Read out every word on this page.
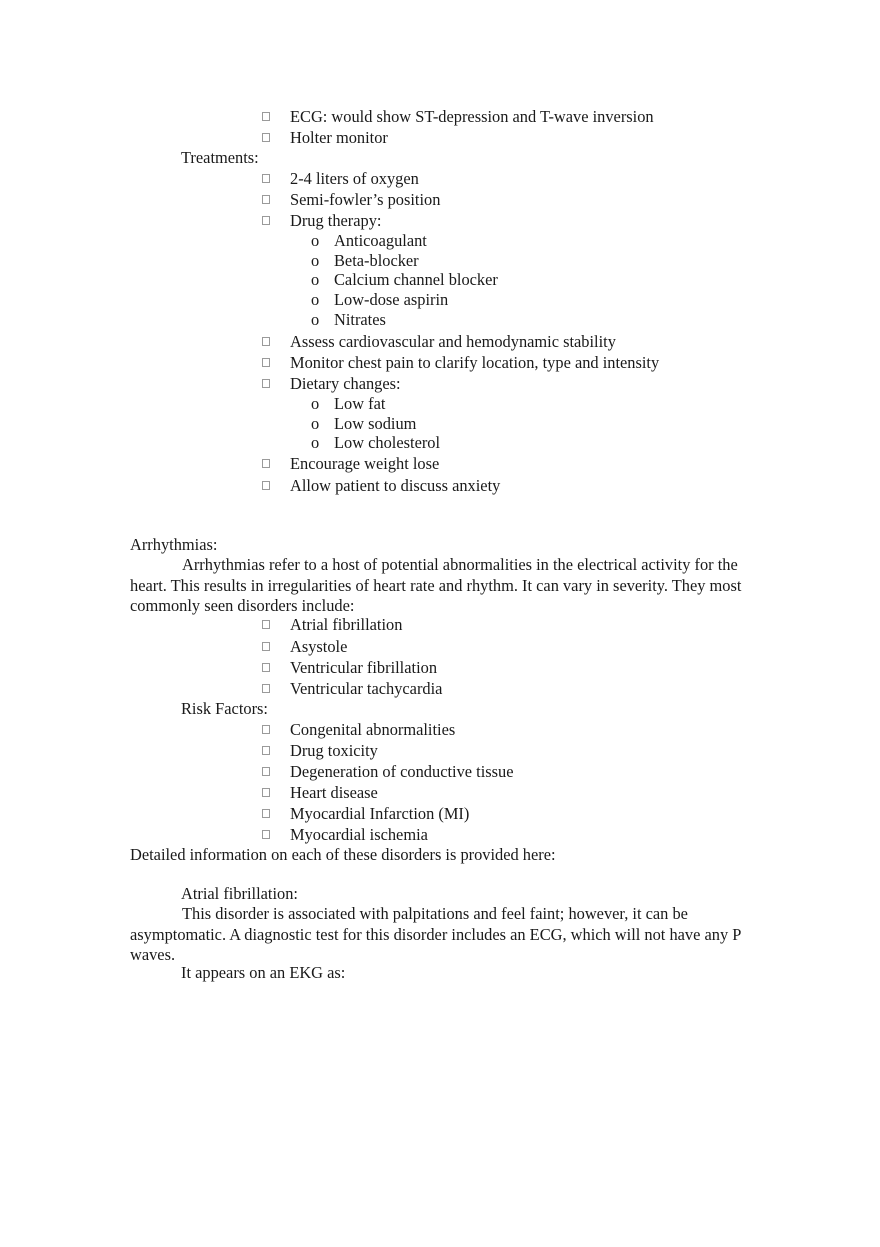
ECG: would show ST-depression and T-wave inversion
Holter monitor
Treatments:
2-4 liters of oxygen
Semi-fowler’s position
Drug therapy:
o Anticoagulant
o Beta-blocker
o Calcium channel blocker
o Low-dose aspirin
o Nitrates
Assess cardiovascular and hemodynamic stability
Monitor chest pain to clarify location, type and intensity
Dietary changes:
o Low fat
o Low sodium
o Low cholesterol
Encourage weight lose
Allow patient to discuss anxiety
Arrhythmias:

Arrhythmias refer to a host of potential abnormalities in the electrical activity for the heart. This results in irregularities of heart rate and rhythm. It can vary in severity. They most commonly seen disorders include:

Atrial fibrillation
Asystole
Ventricular fibrillation
Ventricular tachycardia
Risk Factors:
Congenital abnormalities
Drug toxicity
Degeneration of conductive tissue
Heart disease
Myocardial Infarction (MI)
Myocardial ischemia
Detailed information on each of these disorders is provided here:
Atrial fibrillation:

This disorder is associated with palpitations and feel faint; however, it can be asymptomatic. A diagnostic test for this disorder includes an ECG, which will not have any P waves.

It appears on an EKG as:
